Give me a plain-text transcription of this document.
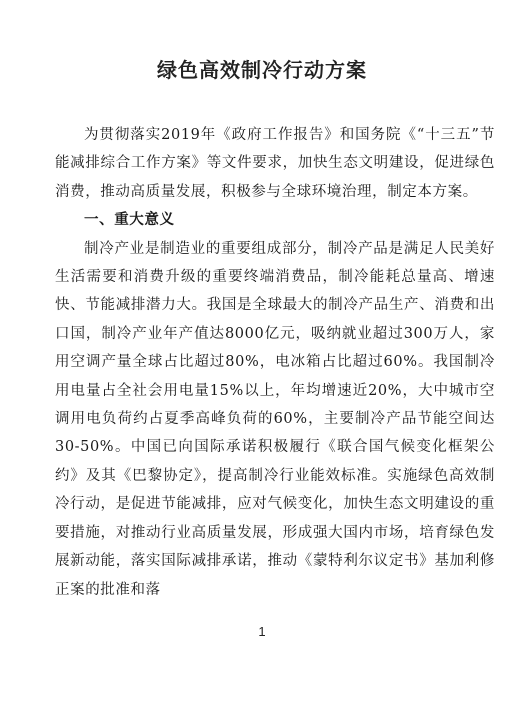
绿色高效制冷行动方案

为贯彻落实2019年《政府工作报告》和国务院《“十三五”节能减排综合工作方案》等文件要求，加快生态文明建设，促进绿色消费，推动高质量发展，积极参与全球环境治理，制定本方案。

一、重大意义

制冷产业是制造业的重要组成部分，制冷产品是满足人民美好生活需要和消费升级的重要终端消费品，制冷能耗总量高、增速快、节能减排潜力大。我国是全球最大的制冷产品生产、消费和出口国，制冷产业年产值达8000亿元，吸纳就业超过300万人，家用空调产量全球占比超过80%，电冰箱占比超过60%。我国制冷用电量占全社会用电量15%以上，年均增速近20%，大中城市空调用电负荷约占夏季高峰负荷的60%，主要制冷产品节能空间达30-50%。中国已向国际承诺积极履行《联合国气候变化框架公约》及其《巴黎协定》，提高制冷行业能效标准。实施绿色高效制冷行动，是促进节能减排，应对气候变化，加快生态文明建设的重要措施，对推动行业高质量发展，形成强大国内市场，培育绿色发展新动能，落实国际减排承诺，推动《蒙特利尔议定书》基加利修正案的批准和落

1
